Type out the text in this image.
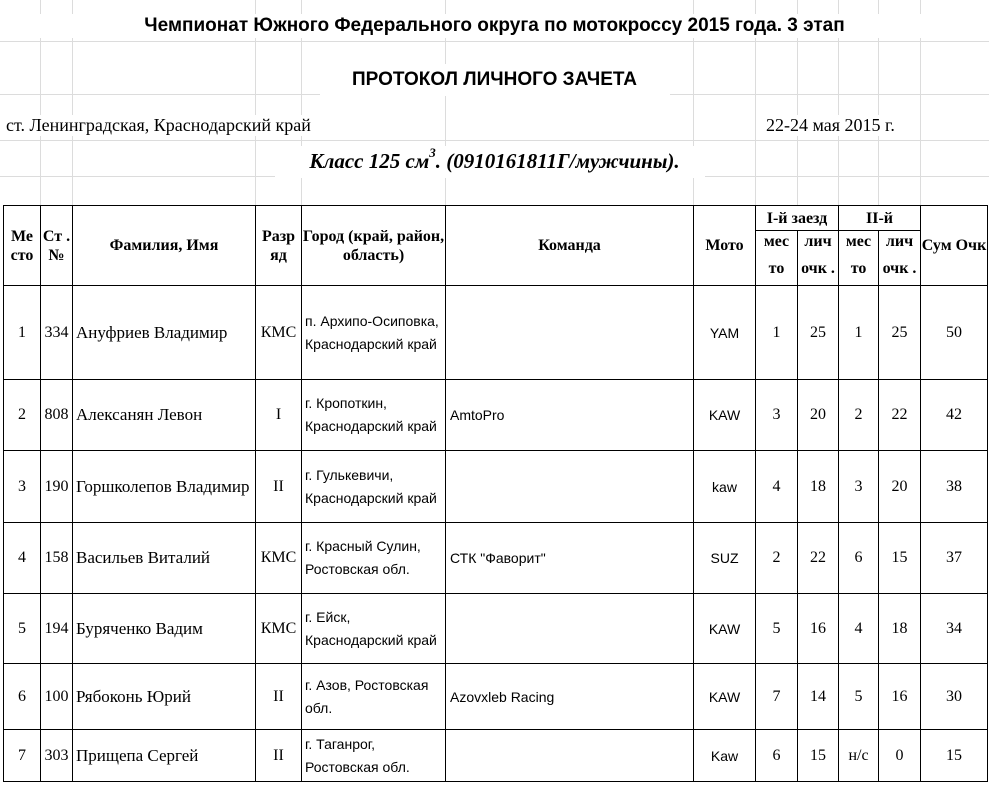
Чемпионат Южного Федерального округа по мотокроссу 2015 года. 3 этап
ПРОТОКОЛ ЛИЧНОГО ЗАЧЕТА
ст. Ленинградская, Краснодарский край	22-24 мая 2015 г.
Класс 125 $см^3$. (0910161811Г/мужчины).
Ме сто	Ст . №	Фамилия, Имя	Разр яд	Город (край, район, область)	Команда	Мото	I-й заезд		II-й		Сум Очк
							мес	лич	мес	лич	
							то	очк .	то	очк .	
1	334	Ануфриев Владимир	КМС	п. Архипо-Осиповка, Краснодарский край		YAM	1	25	1	25	50
2	808	Алексанян Левон	I	г. Кропоткин, Краснодарский край	AmtoPro	KAW	3	20	2	22	42
3	190	Горшколепов Владимир	II	г. Гулькевичи, Краснодарский край		kaw	4	18	3	20	38
4	158	Васильев Виталий	КМС	г. Красный Сулин, Ростовская обл.	СТК "Фаворит"	SUZ	2	22	6	15	37
5	194	Буряченко Вадим	КМС	г. Ейск, Краснодарский край		KAW	5	16	4	18	34
6	100	Рябоконь Юрий	II	г. Азов, Ростовская обл.	Azovxleb Racing	KAW	7	14	5	16	30
7	303	Прищепа Сергей	II	г. Таганрог, Ростовская обл.		Kaw	6	15	н/с	0	15
